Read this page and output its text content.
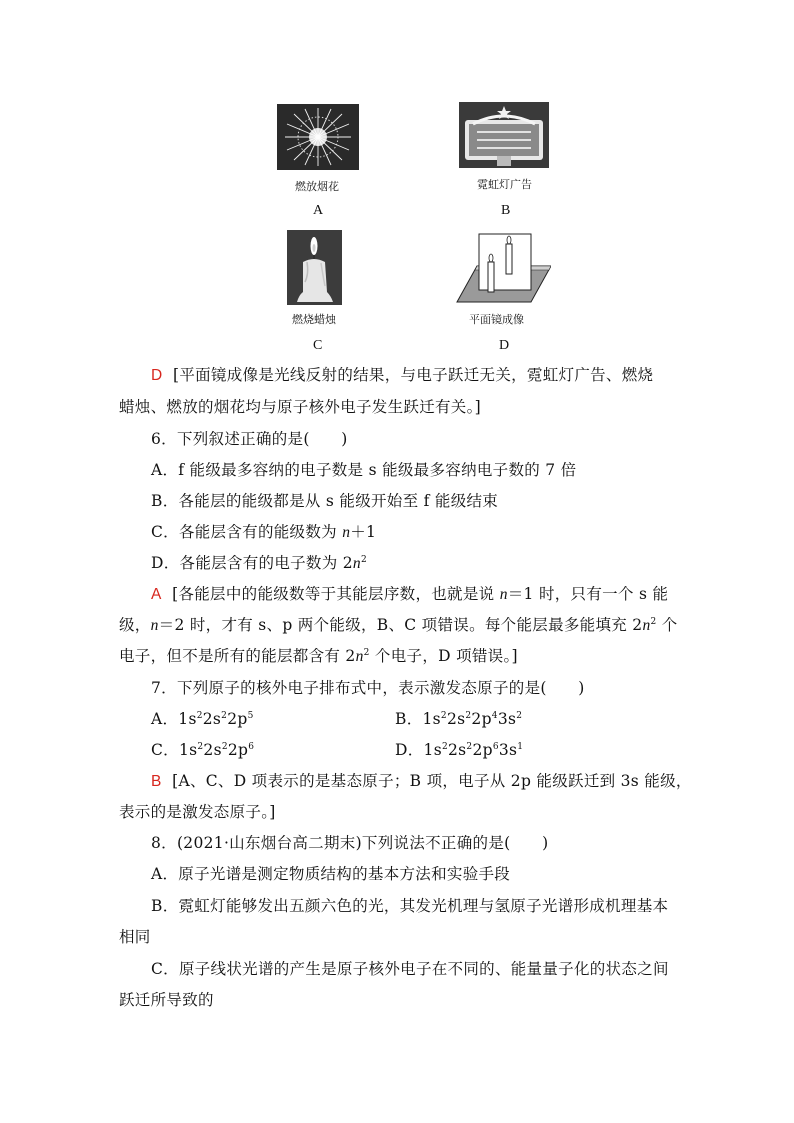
燃放烟花
A
霓虹灯广告
B
燃烧蜡烛
C
平面镜成像
D
D [平面镜成像是光线反射的结果，与电子跃迁无关，霓虹灯广告、燃烧
蜡烛、燃放的烟花均与原子核外电子发生跃迁有关。]
6．下列叙述正确的是(　　)
A．f 能级最多容纳的电子数是 s 能级最多容纳电子数的 7 倍
B．各能层的能级都是从 s 能级开始至 f 能级结束
C．各能层含有的能级数为 n＋1
D．各能层含有的电子数为 $2n^2$
A [各能层中的能级数等于其能层序数，也就是说 n＝1 时，只有一个 s 能
级，n＝2 时，才有 s、p 两个能级，B、C 项错误。每个能层最多能填充 $2n^2$ 个
电子，但不是所有的能层都含有 $2n^2$ 个电子，D 项错误。]
7．下列原子的核外电子排布式中，表示激发态原子的是(　　)
A．$1s^22s^22p^5$	B．$1s^22s^22p^43s^2$
C．$1s^22s^22p^6$	D．$1s^22s^22p^63s^1$
B [A、C、D 项表示的是基态原子；B 项，电子从 2p 能级跃迁到 3s 能级，
表示的是激发态原子。]
8．(2021·山东烟台高二期末)下列说法不正确的是(　　)
A．原子光谱是测定物质结构的基本方法和实验手段
B．霓虹灯能够发出五颜六色的光，其发光机理与氢原子光谱形成机理基本
相同
C．原子线状光谱的产生是原子核外电子在不同的、能量量子化的状态之间
跃迁所导致的
